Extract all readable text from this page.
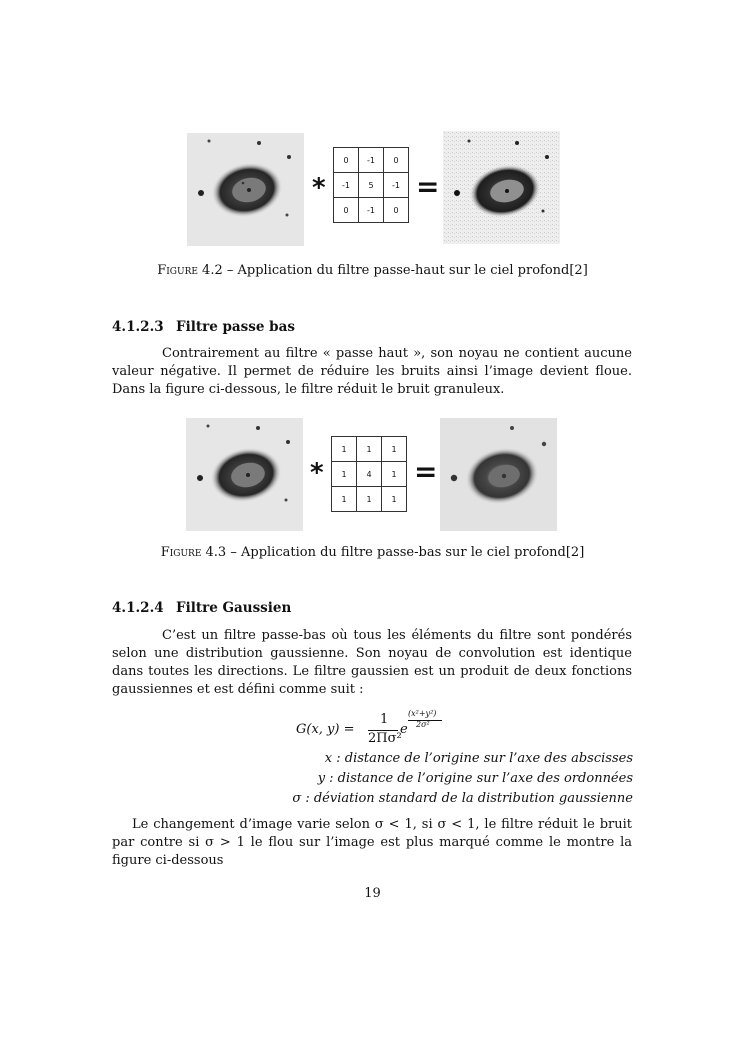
*
0	-1	0
-1	5	-1
0	-1	0
=
Figure 4.2 – Application du filtre passe-haut sur le ciel profond[2]
4.1.2.3 Filtre passe bas

Contrairement au filtre « passe haut », son noyau ne contient aucune valeur négative. Il permet de réduire les bruits ainsi l’image devient floue. Dans la figure ci-dessous, le filtre réduit le bruit granuleux.

*
1	1	1
1	4	1
1	1	1
=
Figure 4.3 – Application du filtre passe-bas sur le ciel profond[2]
4.1.2.4 Filtre Gaussien

C’est un filtre passe-bas où tous les éléments du filtre sont pondérés selon une distribution gaussienne. Son noyau de convolution est identique dans toutes les directions. Le filtre gaussien est un produit de deux fonctions gaussiennes et est défini comme suit :

G(x, y) =
1
2Πσ²
e
(x²+y²)
2σ²
x : distance de l’origine sur l’axe des abscisses
y : distance de l’origine sur l’axe des ordonnées
σ : déviation standard de la distribution gaussienne

Le changement d’image varie selon σ < 1, si σ < 1, le filtre réduit le bruit par contre si σ > 1 le flou sur l’image est plus marqué comme le montre la figure ci-dessous

19
